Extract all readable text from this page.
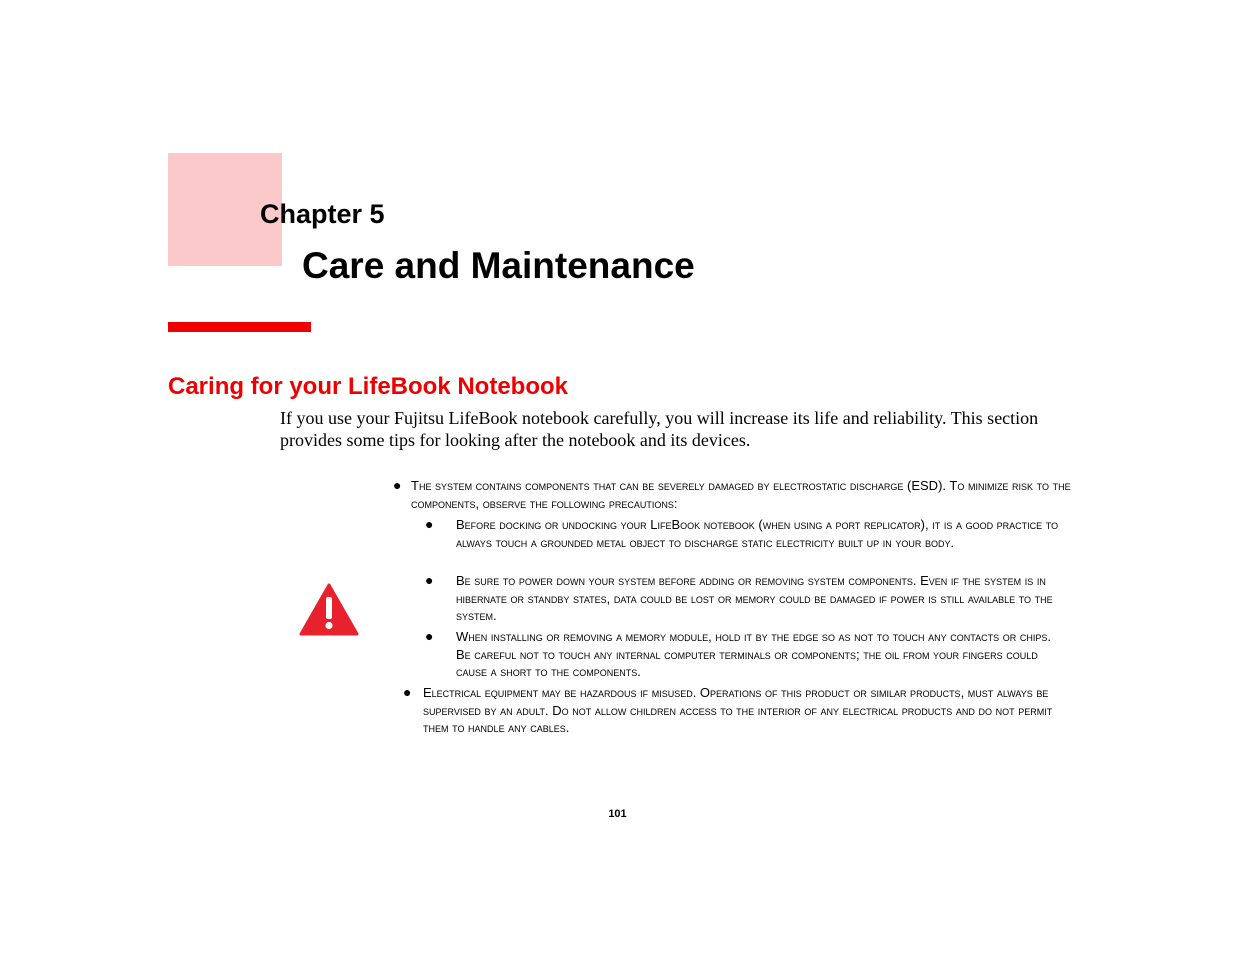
Chapter 5
Care and Maintenance
Caring for your LifeBook Notebook

If you use your Fujitsu LifeBook notebook carefully, you will increase its life and reliability. This section provides some tips for looking after the notebook and its devices.

● The system contains components that can be severely damaged by electrostatic discharge (ESD). To minimize risk to the components, observe the following precautions:

● Before docking or undocking your LifeBook notebook (when using a port replicator), it is a good practice to always touch a grounded metal object to discharge static electricity built up in your body.

● Be sure to power down your system before adding or removing system components. Even if the system is in hibernate or standby states, data could be lost or memory could be damaged if power is still available to the system.

● When installing or removing a memory module, hold it by the edge so as not to touch any contacts or chips. Be careful not to touch any internal computer terminals or components; the oil from your fingers could cause a short to the components.

● Electrical equipment may be hazardous if misused. Operations of this product or similar products, must always be supervised by an adult. Do not allow children access to the interior of any electrical products and do not permit them to handle any cables.

101
